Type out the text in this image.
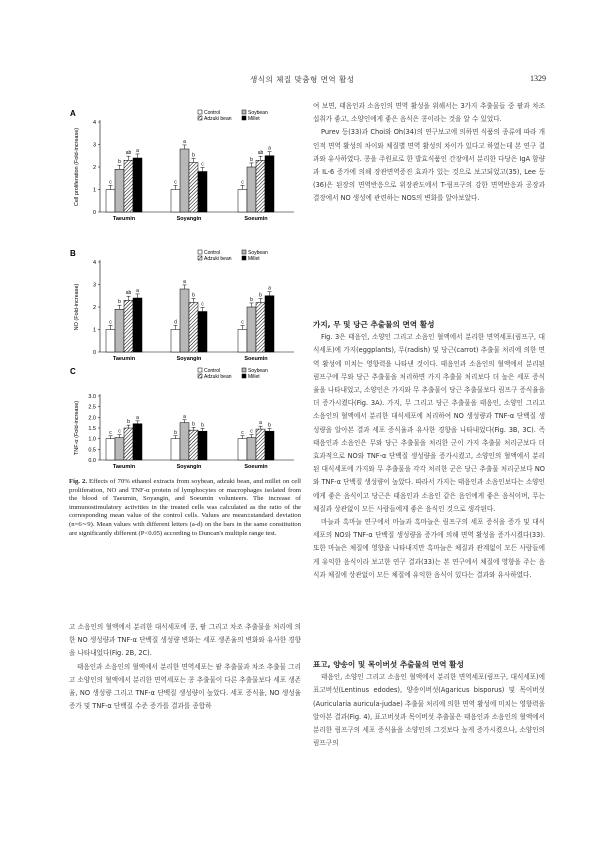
생식의 체질 맞춤형 면역 활성	1329
A	Control	Soybean
Adzuki bean	Millet
0
1
2
3
4
Cell proliferation (Fold-increase)	c
b
ab a
Taeumin
c
a
b
c
Soyangin
c
b
ab
a
Soeumin
B	Control	Soybean
Adzuki bean	Millet
0
1
2
3
4
NO (Fold-increase)	c
b
ab a
Taeumin
d
a
b
c
Soyangin
c
b
b
a
Soeumin
C	Control	Soybean
Adzuki bean	Millet
0.0
0.5
1.0
1.5
2.0
2.5
3.0
TNF-α (Fold-increase)	c c
b
a
Taeumin
b
a
b b
Soyangin
c c
a b
Soeumin
Fig. 2. Effects of 70% ethanol extracts from soybean, adzuki bean, and millet on cell proliferation, NO and TNF-α protein of lymphocytes or macrophages isolated from the blood of Taeumin, Soyangin, and Soeumin volunteers. The increase of immunostimulatory activities in the treated cells was calculated as the ratio of the corresponding mean value of the control cells. Values are mean±standard deviation (n=6∼9). Mean values with different letters (a-d) on the bars in the same constitution are significantly different (P<0.05) according to Duncan's multiple range test.

고 소음인의 혈액에서 분리한 대식세포에 콩, 팥 그리고 차조 추출물을 처리에 의한 NO 생성량과 TNF-α 단백질 생성량 변화는 세포 생존율의 변화와 유사한 경향을 나타내었다(Fig. 2B, 2C).

태음인과 소음인의 혈액에서 분리한 면역세포는 팥 추출물과 차조 추출물 그리고 소양인의 혈액에서 분리한 면역세포는 콩 추출물이 다른 추출물보다 세포 생존율, NO 생성량 그리고 TNF-α 단백질 생성량이 높았다. 세포 증식율, NO 생성율 증가 및 TNF-α 단백질 수준 증가를 결과를 종합하

여 보면, 태음인과 소음인의 면역 활성을 위해서는 3가지 추출물들 중 팥과 차조 섭취가 좋고, 소양인에게 좋은 음식은 콩이라는 것을 알 수 있었다.

Purev 등(33)과 Choi와 Oh(34)의 연구보고에 의하면 식품의 종류에 따라 개인적 면역 활성의 차이와 체질별 면역 활성의 차이가 있다고 하였는데 본 연구 결과와 유사하였다. 콩을 주원료로 한 발효식품인 간장에서 분리한 다당은 IgA 함량과 IL-6 증가에 의해 장관면역증진 효과가 있는 것으로 보고되었고(35), Lee 등(36)은 된장의 면역반응으로 위장관도에서 T-림프구의 강한 면역반응과 공장과 결장에서 NO 생성에 관련하는 NOS의 변화를 알아보았다.

가지, 무 및 당근 추출물의 면역 활성

Fig. 3은 태음인, 소양인 그리고 소음인 혈액에서 분리한 면역세포(림프구, 대식세포)에 가지(eggplants), 무(radish) 및 당근(carrot) 추출물 처리에 의한 면역 활성에 미치는 영향력을 나타낸 것이다. 태음인과 소음인의 혈액에서 분리된 림프구에 무와 당근 추출물을 처리하면 가지 추출물 처리보다 더 높은 세포 증식율을 나타내었고, 소양인은 가지와 무 추출물이 당근 추출물보다 림프구 증식율을 더 증가시켰다(Fig. 3A). 가지, 무 그리고 당근 추출물을 태음인, 소양인 그리고 소음인의 혈액에서 분리한 대식세포에 처리하여 NO 생성량과 TNF-α 단백질 생성량을 알아본 결과 세포 증식율과 유사한 경향을 나타내었다(Fig. 3B, 3C). 즉 태음인과 소음인은 무와 당근 추출물을 처리한 군이 가지 추출물 처리군보다 더 효과적으로 NO와 TNF-α 단백질 생성량을 증가시켰고, 소양인의 혈액에서 분리된 대식세포에 가지와 무 추출물을 각각 처리한 군은 당근 추출물 처리군보다 NO와 TNF-α 단백질 생성량이 높았다. 따라서 가지는 태음인과 소음인보다는 소양인에게 좋은 음식이고 당근은 태음인과 소음인 같은 음인에게 좋은 음식이며, 무는 체질과 상관없이 모든 사람들에게 좋은 음식인 것으로 생각된다.

마늘과 흑마늘 연구에서 마늘과 흑마늘은 림프구의 세포 증식을 증가 및 대식세포의 NO와 TNF-α 단백질 생성량을 증가에 의해 면역 활성을 증가시켰다(33). 또한 마늘은 체질에 영향을 나타내지만 흑마늘은 체질과 관계없이 모든 사람들에게 유익한 음식이라 보고한 연구 결과(33)는 본 연구에서 체질에 영향을 주는 음식과 체질에 상관없이 모든 체질에 유익한 음식이 있다는 결과와 유사하였다.

표고, 양송이 및 목이버섯 추출물의 면역 활성

태음인, 소양인 그리고 소음인 혈액에서 분리한 면역세포(림프구, 대식세포)에 표고버섯(Lentinus edodes), 양송이버섯(Agaricus bisporus) 및 목이버섯(Auricularia auricula-judae) 추출물 처리에 의한 면역 활성에 미치는 영향력을 알아본 결과(Fig. 4), 표고버섯과 목이버섯 추출물은 태음인과 소음인의 혈액에서 분리한 림프구의 세포 증식율을 소양인의 그것보다 높게 증가시켰으나, 소양인의 림프구의
